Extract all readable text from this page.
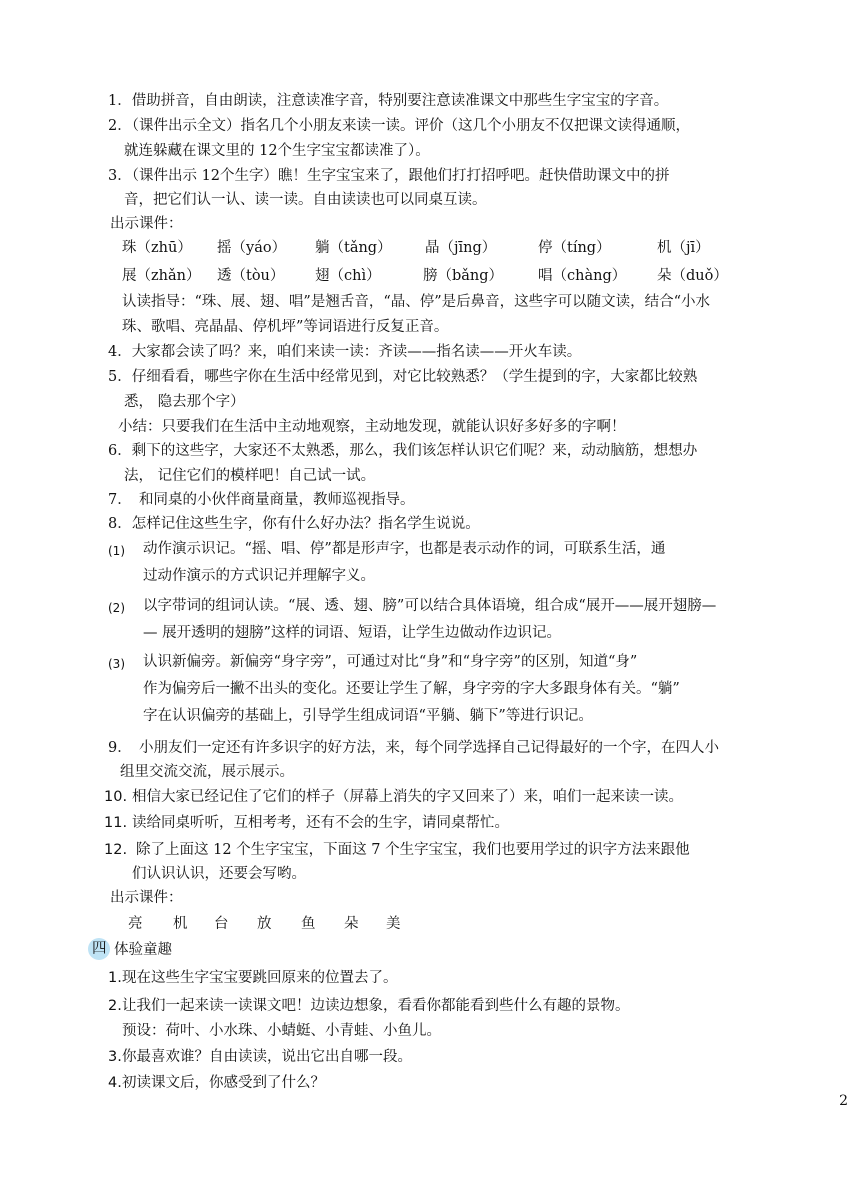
1．借助拼音，自由朗读，注意读准字音，特别要注意读准课文中那些生字宝宝的字音。
2．（课件出示全文）指名几个小朋友来读一读。评价（这几个小朋友不仅把课文读得通顺，
就连躲藏在课文里的 12个生字宝宝都读准了）。
3．（课件出示 12个生字）瞧！生字宝宝来了，跟他们打打招呼吧。赶快借助课文中的拼
音，把它们认一认、读一读。自由读读也可以同桌互读。
出示课件：
珠（zhū） 摇（yáo） 躺（tǎng） 晶（jīng）	停（tíng）	机（jī）
展（zhǎn） 透（tòu） 翅（chì）	膀（bǎng） 唱（chàng） 朵（duǒ）
认读指导：“珠、展、翅、唱”是翘舌音，“晶、停”是后鼻音，这些字可以随文读，结合“小水
珠、歌唱、亮晶晶、停机坪”等词语进行反复正音。
4．大家都会读了吗？来，咱们来读一读：齐读——指名读——开火车读。
5．仔细看看，哪些字你在生活中经常见到，对它比较熟悉？（学生提到的字，大家都比较熟
悉， 隐去那个字）
小结：只要我们在生活中主动地观察，主动地发现，就能认识好多好多的字啊！
6．剩下的这些字，大家还不太熟悉，那么，我们该怎样认识它们呢？来，动动脑筋，想想办
法， 记住它们的模样吧！自己试一试。
7．　和同桌的小伙伴商量商量，教师巡视指导。
8．怎样记住这些生字，你有什么好办法？指名学生说说。
(1) 动作演示识记。“摇、唱、停”都是形声字，也都是表示动作的词，可联系生活，通
过动作演示的方式识记并理解字义。
(2) 以字带词的组词认读。“展、透、翅、膀”可以结合具体语境，组合成“展开——展开翅膀—
— 展开透明的翅膀”这样的词语、短语，让学生边做动作边识记。
(3) 认识新偏旁。新偏旁“身字旁”，可通过对比“身”和“身字旁”的区别，知道“身”
作为偏旁后一撇不出头的变化。还要让学生了解，身字旁的字大多跟身体有关。“躺”
字在认识偏旁的基础上，引导学生组成词语“平躺、躺下”等进行识记。
9．　小朋友们一定还有许多识字的好方法，来，每个同学选择自己记得最好的一个字，在四人小
组里交流交流，展示展示。
10. 相信大家已经记住了它们的样子（屏幕上消失的字又回来了）来，咱们一起来读一读。
11. 读给同桌听听，互相考考，还有不会的生字，请同桌帮忙。
12. 除了上面这 12 个生字宝宝，下面这 7 个生字宝宝，我们也要用学过的识字方法来跟他
们认识认识，还要会写哟。
出示课件：
亮 机 台 放 鱼 朵 美
四 体验童趣
1. 现在这些生字宝宝要跳回原来的位置去了。
2. 让我们一起来读一读课文吧！边读边想象，看看你都能看到些什么有趣的景物。
预设：荷叶、小水珠、小蜻蜓、小青蛙、小鱼儿。
3. 你最喜欢谁？自由读读，说出它出自哪一段。
4. 初读课文后，你感受到了什么？
2
